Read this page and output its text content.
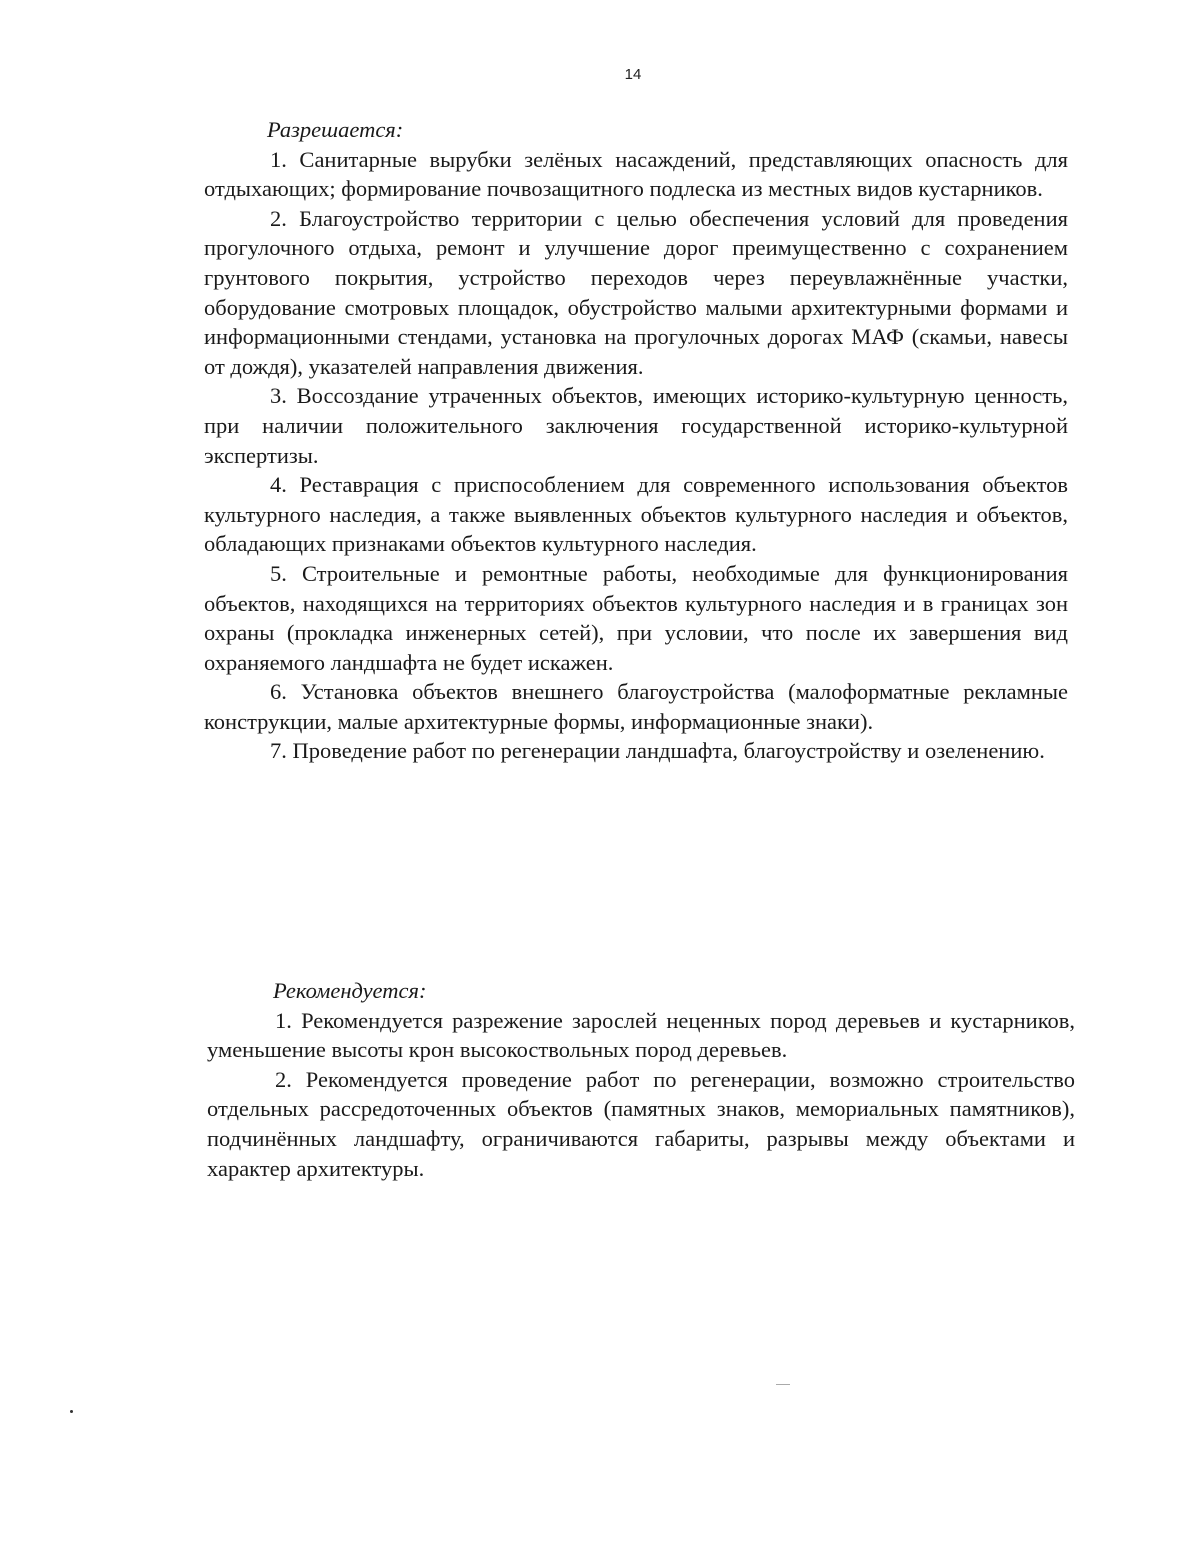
14
Разрешается:

1. Санитарные вырубки зелёных насаждений, представляющих опасность для отдыхающих; формирование почвозащитного подлеска из местных видов кустарников.

2. Благоустройство территории с целью обеспечения условий для проведения прогулочного отдыха, ремонт и улучшение дорог преимущественно с сохранением грунтового покрытия, устройство переходов через переувлажнённые участки, оборудование смотровых площадок, обустройство малыми архитектурными формами и информационными стендами, установка на прогулочных дорогах МАФ (скамьи, навесы от дождя), указателей направления движения.

3. Воссоздание утраченных объектов, имеющих историко-культурную ценность, при наличии положительного заключения государственной историко-культурной экспертизы.

4. Реставрация с приспособлением для современного использования объектов культурного наследия, а также выявленных объектов культурного наследия и объектов, обладающих признаками объектов культурного наследия.

5. Строительные и ремонтные работы, необходимые для функционирования объектов, находящихся на территориях объектов культурного наследия и в границах зон охраны (прокладка инженерных сетей), при условии, что после их завершения вид охраняемого ландшафта не будет искажен.

6. Установка объектов внешнего благоустройства (малоформатные рекламные конструкции, малые архитектурные формы, информационные знаки).

7. Проведение работ по регенерации ландшафта, благоустройству и озеленению.

Рекомендуется:

1. Рекомендуется разрежение зарослей неценных пород деревьев и кустарников, уменьшение высоты крон высокоствольных пород деревьев.

2. Рекомендуется проведение работ по регенерации, возможно строительство отдельных рассредоточенных объектов (памятных знаков, мемориальных памятников), подчинённых ландшафту, ограничиваются габариты, разрывы между объектами и характер архитектуры.
